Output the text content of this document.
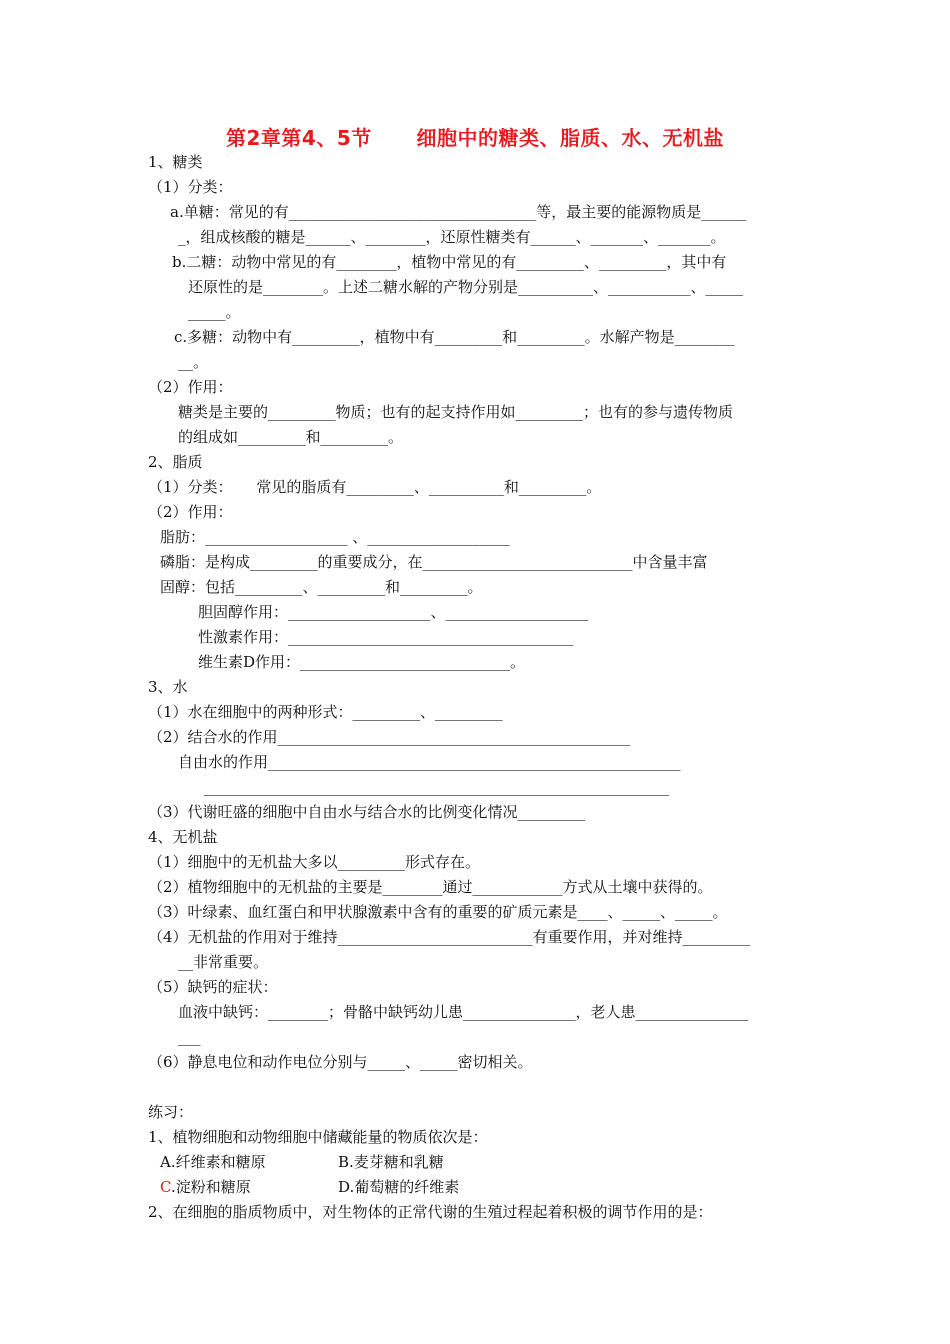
第2章第4、5节      细胞中的糖类、脂质、水、无机盐
1、糖类
（1）分类：
a.单糖：常见的有_________________________________等，最主要的能源物质是______
_，组成核酸的糖是______、________，还原性糖类有______、_______、_______。
b.二糖：动物中常见的有________，植物中常见的有_________、_________，其中有
还原性的是________。上述二糖水解的产物分别是__________、___________、_____
_____。
c.多糖：动物中有_________，植物中有_________和_________。水解产物是________
__。
（2）作用：
糖类是主要的_________物质；也有的起支持作用如_________；也有的参与遗传物质
的组成如_________和_________。
2、脂质
（1）分类：     常见的脂质有_________、__________和_________。
（2）作用：
脂肪：___________________ 、___________________
磷脂：是构成_________的重要成分，在____________________________中含量丰富
固醇：包括_________、_________和_________。
胆固醇作用：___________________、___________________
性激素作用：______________________________________
维生素D作用：____________________________。
3、水
（1）水在细胞中的两种形式：_________、_________
（2）结合水的作用_______________________________________________
自由水的作用_______________________________________________________
______________________________________________________________
（3）代谢旺盛的细胞中自由水与结合水的比例变化情况_________
4、无机盐
（1）细胞中的无机盐大多以_________形式存在。
（2）植物细胞中的无机盐的主要是________通过____________方式从土壤中获得的。
（3）叶绿素、血红蛋白和甲状腺激素中含有的重要的矿质元素是____、_____、_____。
（4）无机盐的作用对于维持__________________________有重要作用，并对维持_________
__非常重要。
（5）缺钙的症状：
血液中缺钙：________；骨骼中缺钙幼儿患_______________，老人患_______________
___
（6）静息电位和动作电位分别与_____、_____密切相关。
练习：
1、植物细胞和动物细胞中储藏能量的物质依次是：
A.纤维素和糖原	B.麦芽糖和乳糖
C.淀粉和糖原	D.葡萄糖的纤维素
2、在细胞的脂质物质中，对生物体的正常代谢的生殖过程起着积极的调节作用的是：
